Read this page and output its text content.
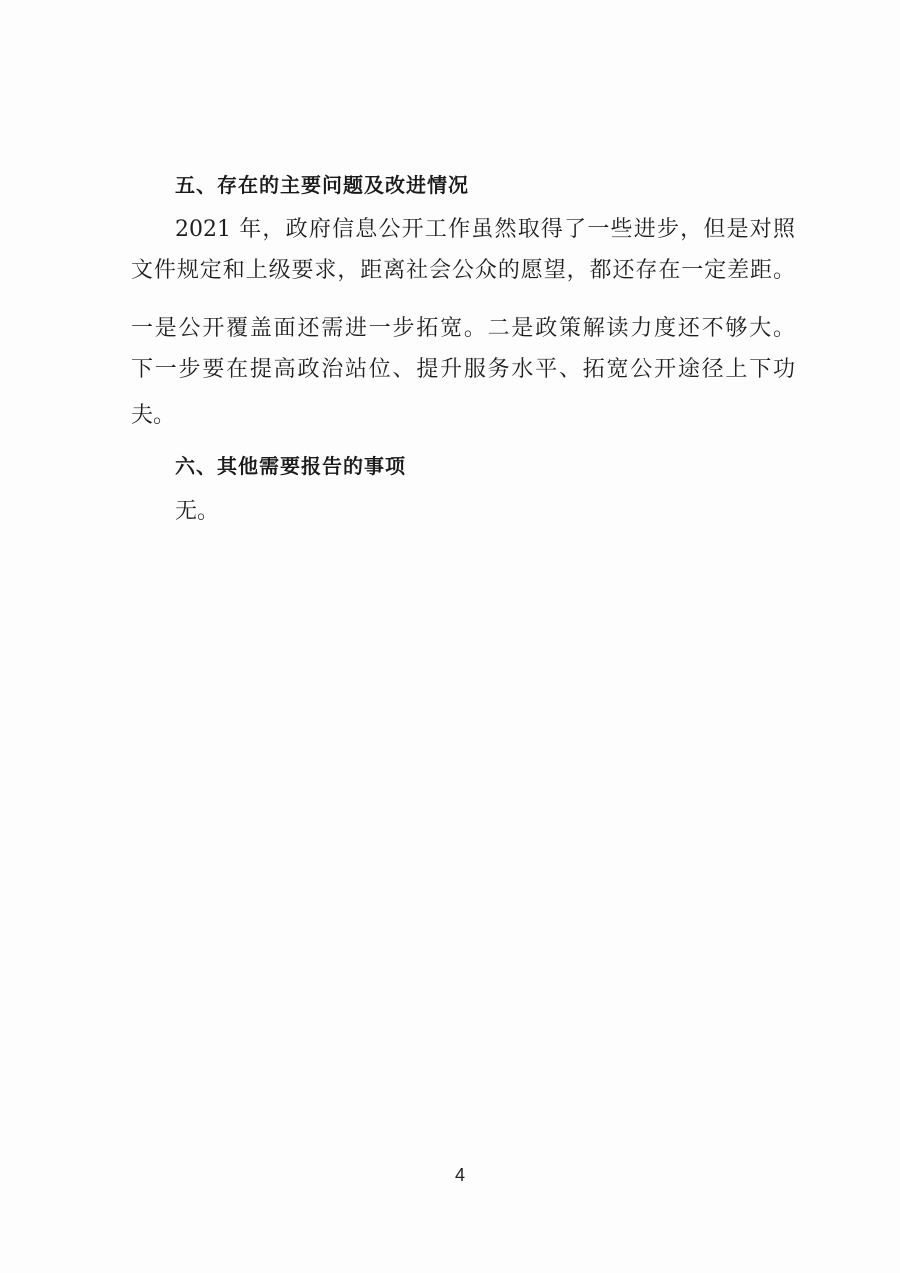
五、存在的主要问题及改进情况

2021 年，政府信息公开工作虽然取得了一些进步，但是对照

文件规定和上级要求，距离社会公众的愿望，都还存在一定差距。

一是公开覆盖面还需进一步拓宽。二是政策解读力度还不够大。

下一步要在提高政治站位、提升服务水平、拓宽公开途径上下功

夫。

六、其他需要报告的事项

无。

4
